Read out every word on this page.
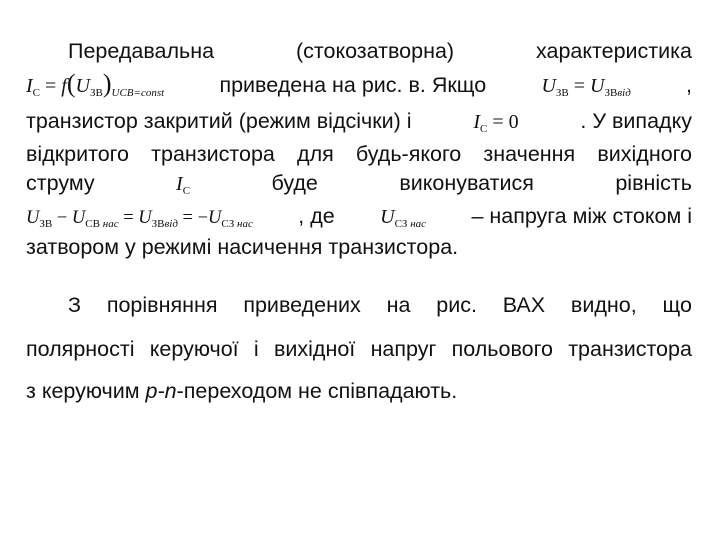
Передавальна	(стокозатворна)	характеристика
$I_С = f(U_{ЗВ})_{UСВ=const}$	приведена на рис. в. Якщо	$U_{ЗВ} = U_{ЗВвід}$	,
транзистор закритий (режим відсічки) і	$I_С = 0$	. У випадку
відкритого транзистора для будь-якого значення вихідного
струму	$I_С$	буде	виконуватися	рівність
$U_{ЗВ} - U_{СВ нас} = U_{ЗВвід} = -U_{СЗ нас}$ , де $U_{СЗ нас}$ – напруга між стоком і
затвором у режимі насичення транзистора.
З порівняння приведених на рис. ВАХ видно, що
полярності керуючої і вихідної напруг польового транзистора
з керуючим p-n-переходом не співпадають.
